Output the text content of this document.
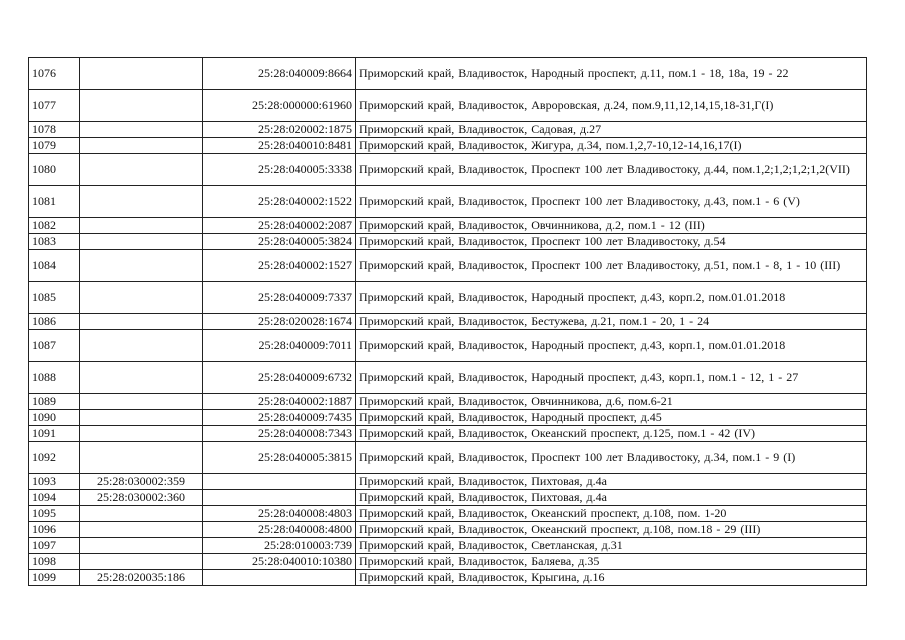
1076		25:28:040009:8664	Приморский край, Владивосток, Народный проспект, д.11, пом.1 - 18, 18а, 19 - 22
1077		25:28:000000:61960	Приморский край, Владивосток, Авроровская, д.24, пом.9,11,12,14,15,18-31,Г(I)
1078		25:28:020002:1875	Приморский край, Владивосток, Садовая, д.27
1079		25:28:040010:8481	Приморский край, Владивосток, Жигура, д.34, пом.1,2,7-10,12-14,16,17(I)
1080		25:28:040005:3338	Приморский край, Владивосток, Проспект 100 лет Владивостоку, д.44, пом.1,2;1,2;1,2;1,2(VII)
1081		25:28:040002:1522	Приморский край, Владивосток, Проспект 100 лет Владивостоку, д.43, пом.1 - 6 (V)
1082		25:28:040002:2087	Приморский край, Владивосток, Овчинникова, д.2, пом.1 - 12 (III)
1083		25:28:040005:3824	Приморский край, Владивосток, Проспект 100 лет Владивостоку, д.54
1084		25:28:040002:1527	Приморский край, Владивосток, Проспект 100 лет Владивостоку, д.51, пом.1 - 8, 1 - 10 (III)
1085		25:28:040009:7337	Приморский край, Владивосток, Народный проспект, д.43, корп.2, пом.01.01.2018
1086		25:28:020028:1674	Приморский край, Владивосток, Бестужева, д.21, пом.1 - 20, 1 - 24
1087		25:28:040009:7011	Приморский край, Владивосток, Народный проспект, д.43, корп.1, пом.01.01.2018
1088		25:28:040009:6732	Приморский край, Владивосток, Народный проспект, д.43, корп.1, пом.1 - 12, 1 - 27
1089		25:28:040002:1887	Приморский край, Владивосток, Овчинникова, д.6, пом.6-21
1090		25:28:040009:7435	Приморский край, Владивосток, Народный проспект, д.45
1091		25:28:040008:7343	Приморский край, Владивосток, Океанский проспект, д.125, пом.1 - 42 (IV)
1092		25:28:040005:3815	Приморский край, Владивосток, Проспект 100 лет Владивостоку, д.34, пом.1 - 9 (I)
1093	25:28:030002:359		Приморский край, Владивосток, Пихтовая, д.4а
1094	25:28:030002:360		Приморский край, Владивосток, Пихтовая, д.4а
1095		25:28:040008:4803	Приморский край, Владивосток, Океанский проспект, д.108, пом. 1-20
1096		25:28:040008:4800	Приморский край, Владивосток, Океанский проспект, д.108, пом.18 - 29 (III)
1097		25:28:010003:739	Приморский край, Владивосток, Светланская, д.31
1098		25:28:040010:10380	Приморский край, Владивосток, Баляева, д.35
1099	25:28:020035:186		Приморский край, Владивосток, Крыгина, д.16
